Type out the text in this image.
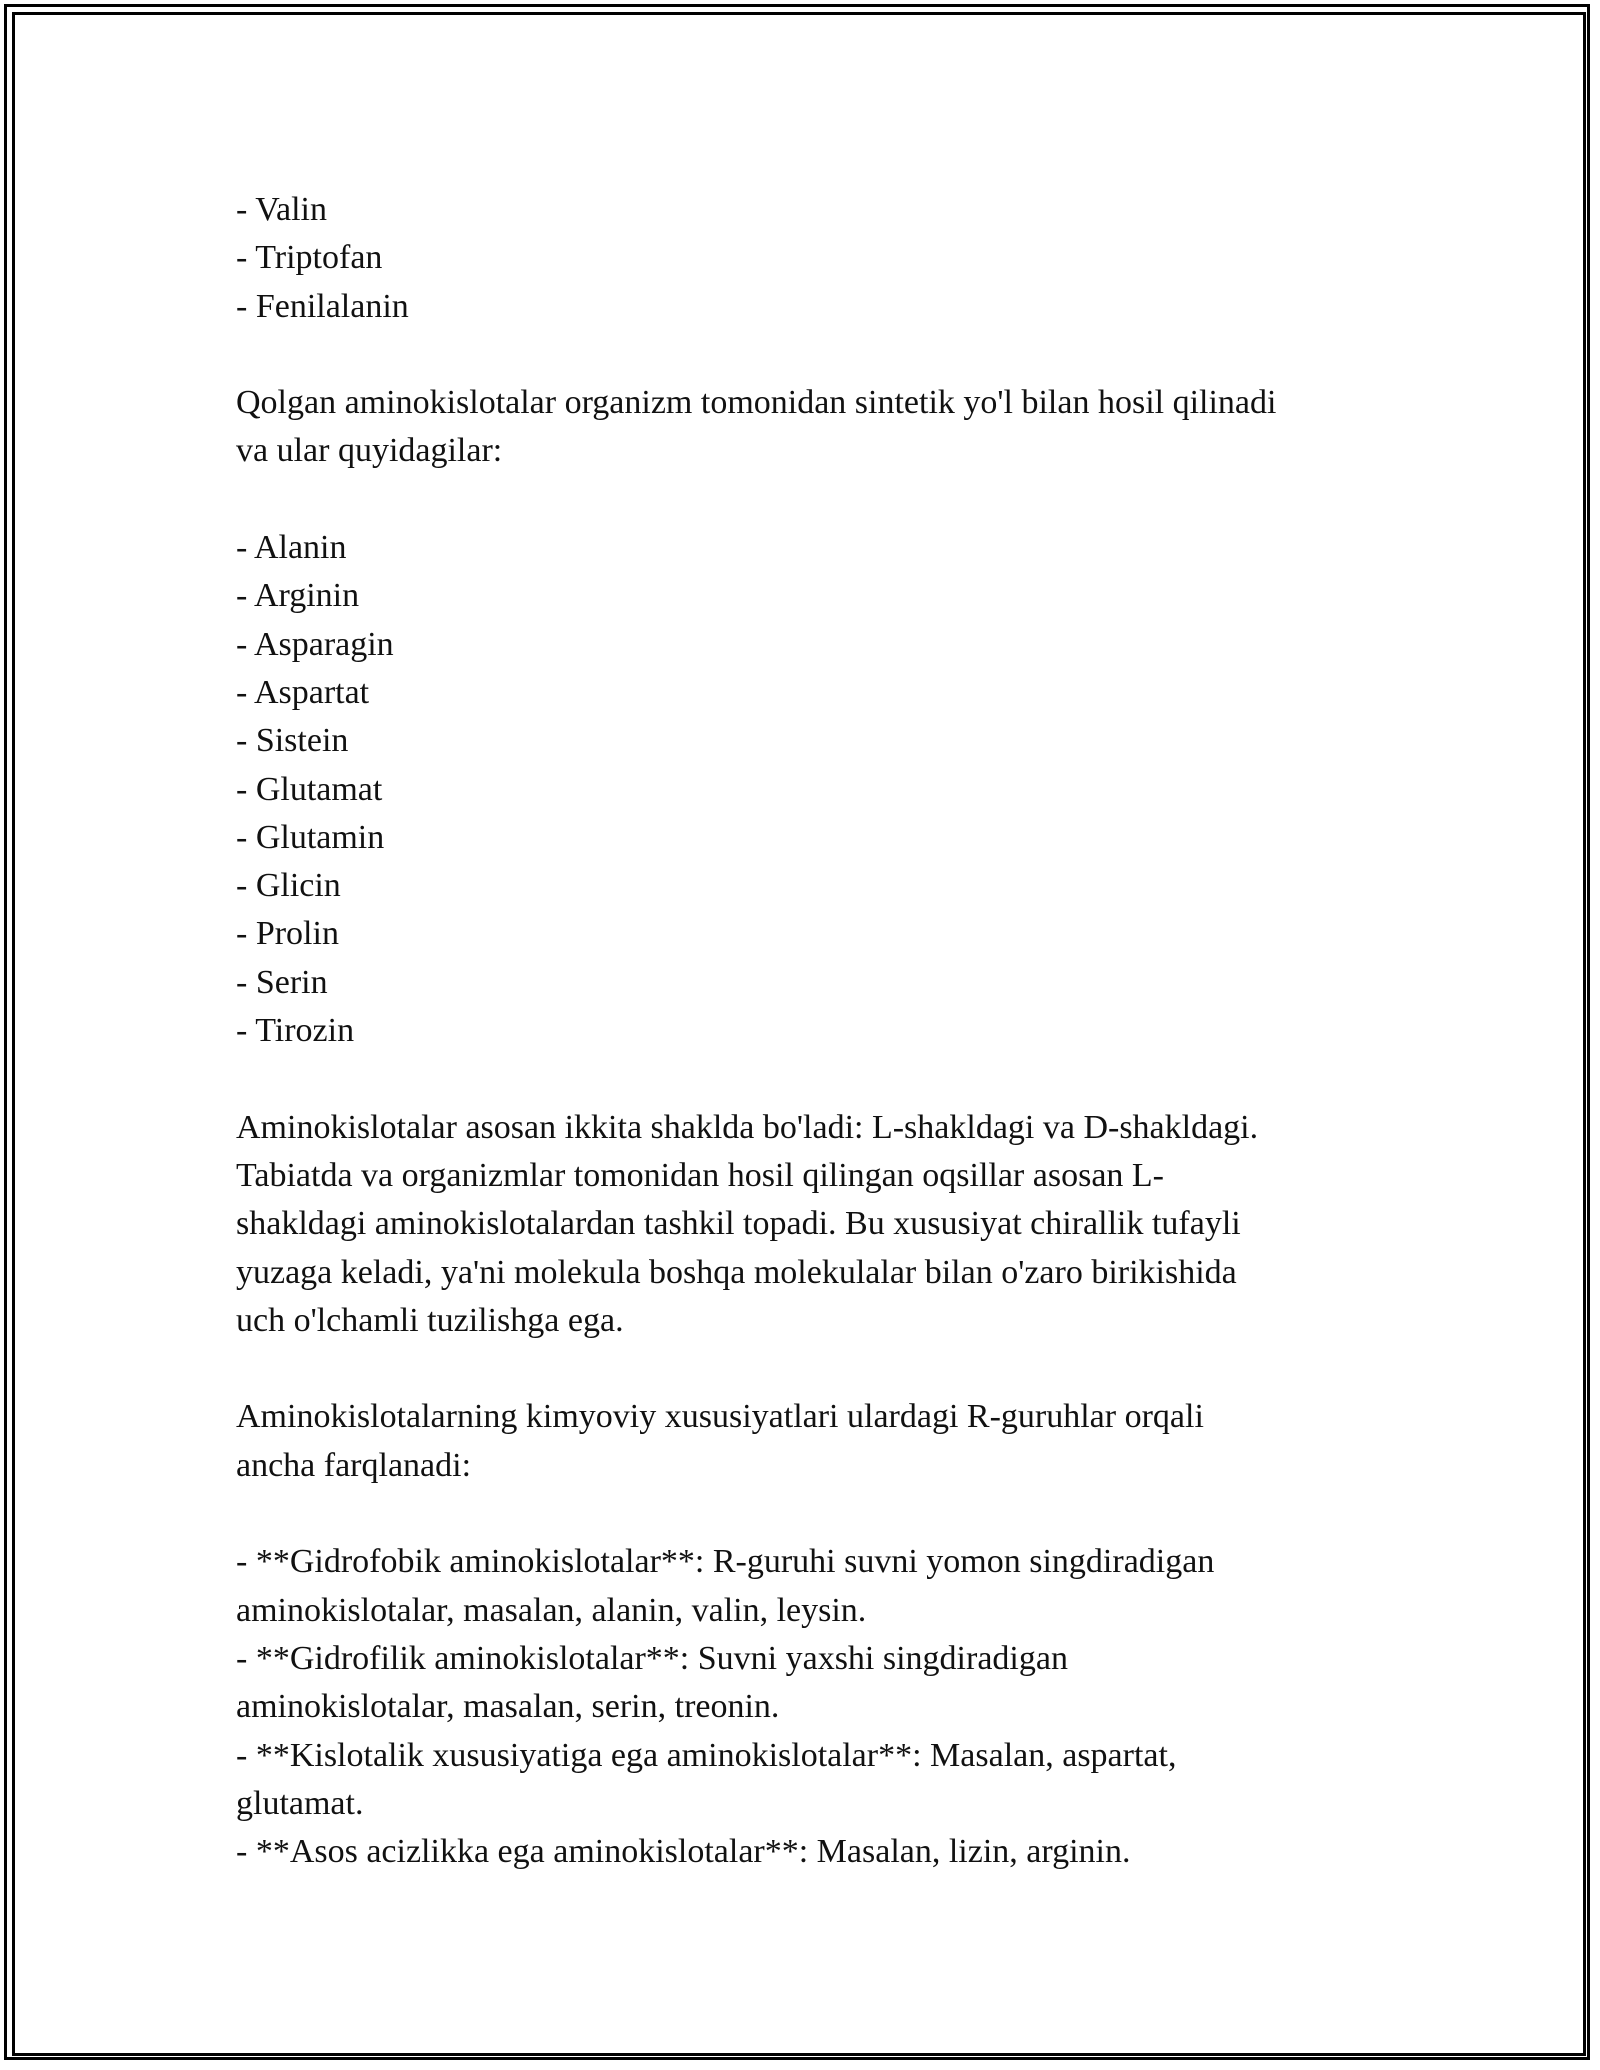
- Valin

- Triptofan

- Fenilalanin

Qolgan aminokislotalar organizm tomonidan sintetik yo'l bilan hosil qilinadi

va ular quyidagilar:

- Alanin

- Arginin

- Asparagin

- Aspartat

- Sistein

- Glutamat

- Glutamin

- Glicin

- Prolin

- Serin

- Tirozin

Aminokislotalar asosan ikkita shaklda bo'ladi: L-shakldagi va D-shakldagi.

Tabiatda va organizmlar tomonidan hosil qilingan oqsillar asosan L-

shakldagi aminokislotalardan tashkil topadi. Bu xususiyat chirallik tufayli

yuzaga keladi, ya'ni molekula boshqa molekulalar bilan o'zaro birikishida

uch o'lchamli tuzilishga ega.

Aminokislotalarning kimyoviy xususiyatlari ulardagi R-guruhlar orqali

ancha farqlanadi:

- **Gidrofobik aminokislotalar**: R-guruhi suvni yomon singdiradigan

aminokislotalar, masalan, alanin, valin, leysin.

- **Gidrofilik aminokislotalar**: Suvni yaxshi singdiradigan

aminokislotalar, masalan, serin, treonin.

- **Kislotalik xususiyatiga ega aminokislotalar**: Masalan, aspartat,

glutamat.

- **Asos acizlikka ega aminokislotalar**: Masalan, lizin, arginin.
